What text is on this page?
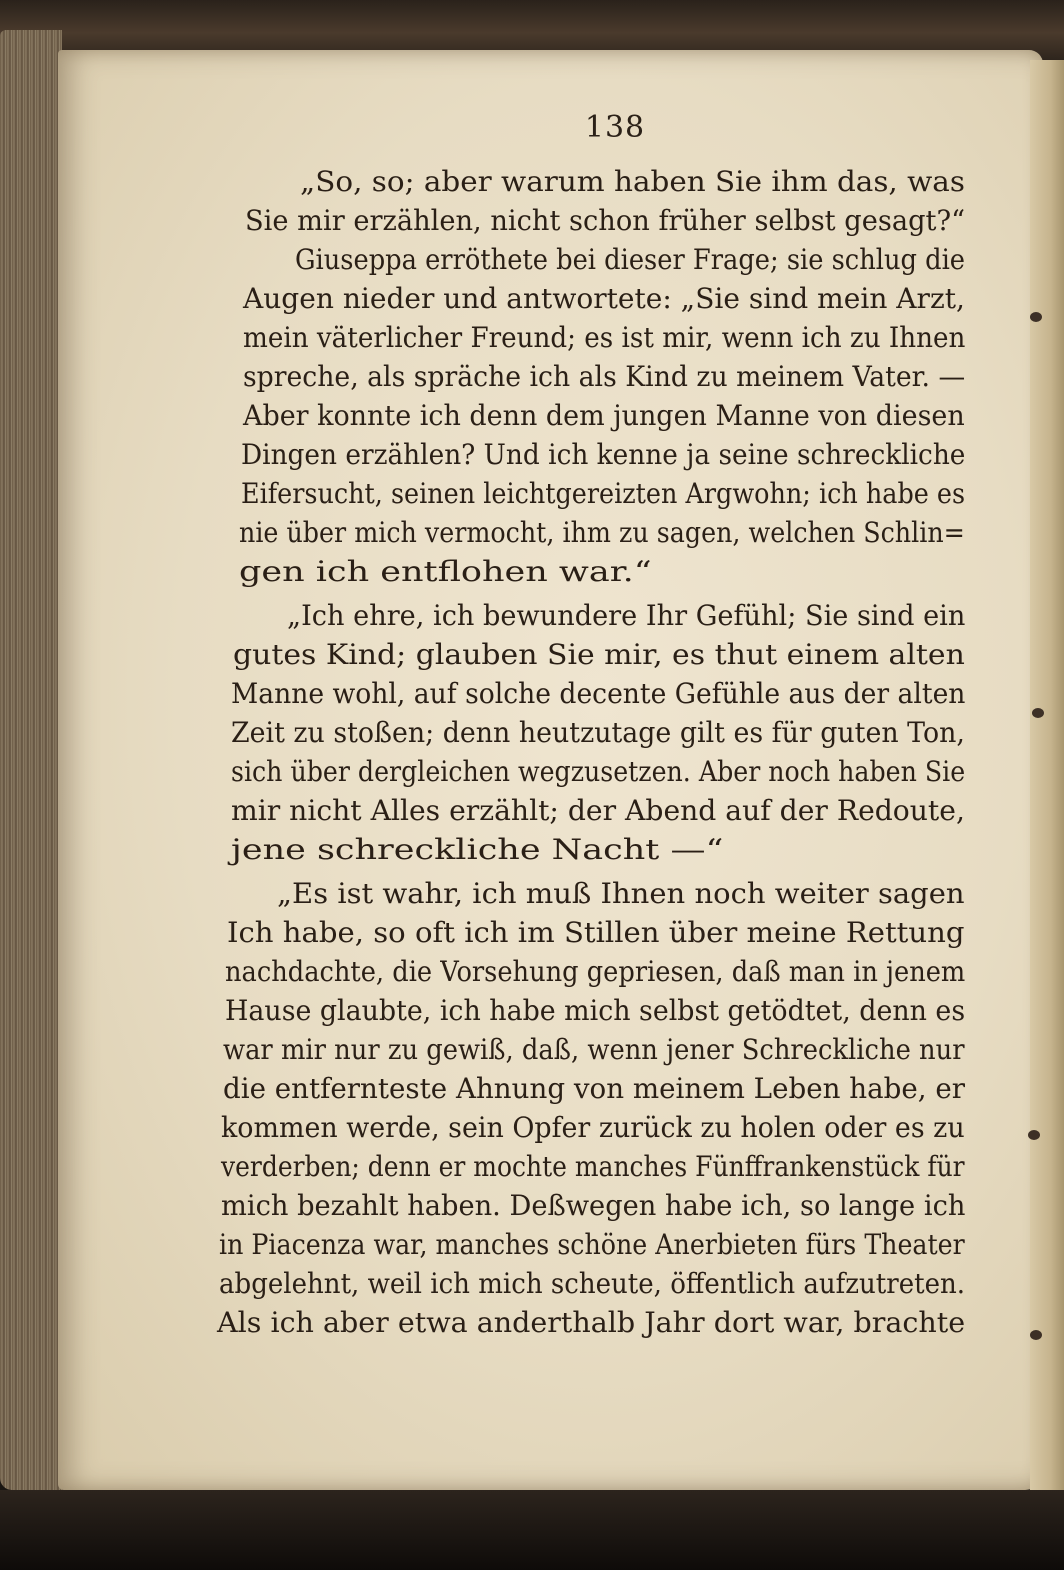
138
„So, so; aber warum haben Sie ihm das, was
Sie mir erzählen, nicht schon früher selbst gesagt?“
Giuseppa erröthete bei dieser Frage; sie schlug die
Augen nieder und antwortete: „Sie sind mein Arzt,
mein väterlicher Freund; es ist mir, wenn ich zu Ihnen
spreche, als spräche ich als Kind zu meinem Vater. —
Aber konnte ich denn dem jungen Manne von diesen
Dingen erzählen? Und ich kenne ja seine schreckliche
Eifersucht, seinen leichtgereizten Argwohn; ich habe es
nie über mich vermocht, ihm zu sagen, welchen Schlin=
gen ich entflohen war.“
„Ich ehre, ich bewundere Ihr Gefühl; Sie sind ein
gutes Kind; glauben Sie mir, es thut einem alten
Manne wohl, auf solche decente Gefühle aus der alten
Zeit zu stoßen; denn heutzutage gilt es für guten Ton,
sich über dergleichen wegzusetzen. Aber noch haben Sie
mir nicht Alles erzählt; der Abend auf der Redoute,
jene schreckliche Nacht —“
„Es ist wahr, ich muß Ihnen noch weiter sagen
Ich habe, so oft ich im Stillen über meine Rettung
nachdachte, die Vorsehung gepriesen, daß man in jenem
Hause glaubte, ich habe mich selbst getödtet, denn es
war mir nur zu gewiß, daß, wenn jener Schreckliche nur
die entfernteste Ahnung von meinem Leben habe, er
kommen werde, sein Opfer zurück zu holen oder es zu
verderben; denn er mochte manches Fünffrankenstück für
mich bezahlt haben. Deßwegen habe ich, so lange ich
in Piacenza war, manches schöne Anerbieten fürs Theater
abgelehnt, weil ich mich scheute, öffentlich aufzutreten.
Als ich aber etwa anderthalb Jahr dort war, brachte
